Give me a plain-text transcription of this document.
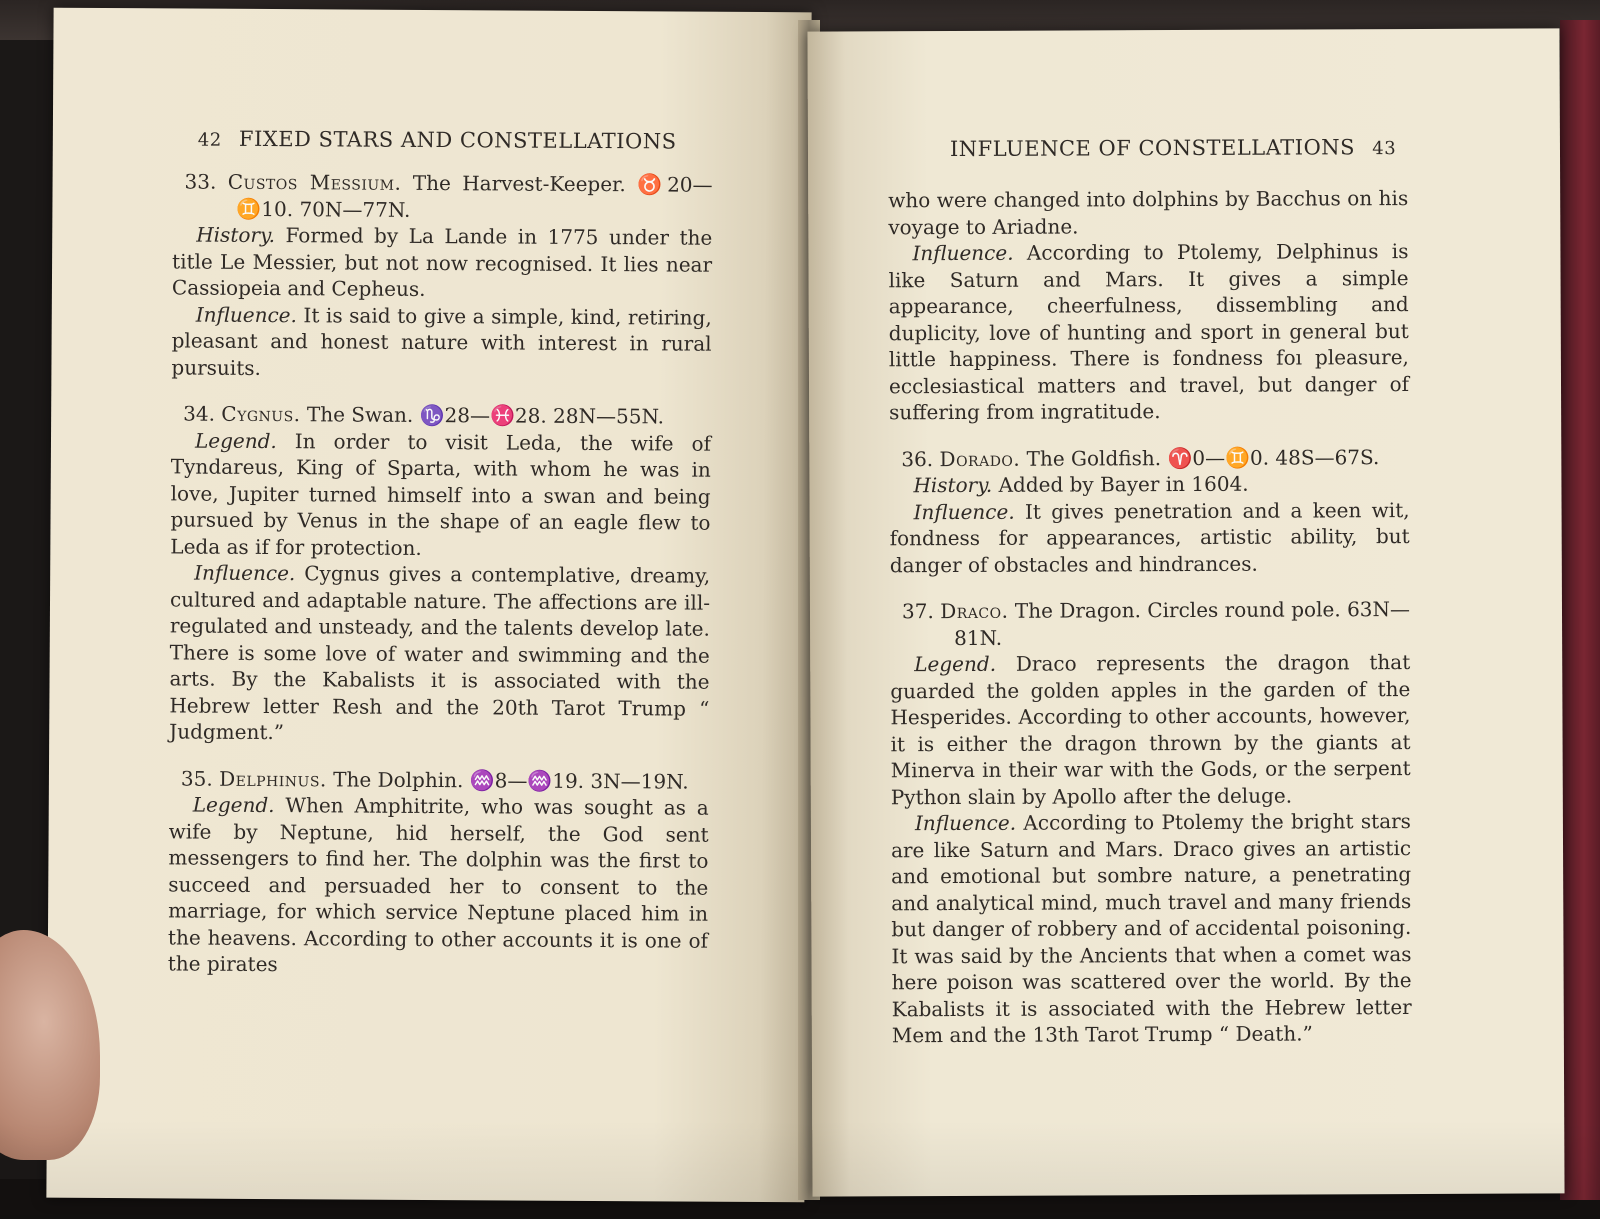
42 FIXED STARS AND CONSTELLATIONS
33. Custos Messium. The Harvest-Keeper. ♉20—♊10. 70N—77N.
History. Formed by La Lande in 1775 under the title Le Messier, but not now recognised. It lies near Cassiopeia and Cepheus.
Influence. It is said to give a simple, kind, retiring, pleasant and honest nature with interest in rural pursuits.
34. Cygnus. The Swan. ♑28—♓28. 28N—55N.
Legend. In order to visit Leda, the wife of Tyndareus, King of Sparta, with whom he was in love, Jupiter turned himself into a swan and being pursued by Venus in the shape of an eagle flew to Leda as if for protection.
Influence. Cygnus gives a contemplative, dreamy, cultured and adaptable nature. The affections are ill-regulated and unsteady, and the talents develop late. There is some love of water and swimming and the arts. By the Kabalists it is associated with the Hebrew letter Resh and the 20th Tarot Trump “ Judgment.”
35. Delphinus. The Dolphin. ♒8—♒19. 3N—19N.
Legend. When Amphitrite, who was sought as a wife by Neptune, hid herself, the God sent messengers to find her. The dolphin was the first to succeed and persuaded her to consent to the marriage, for which service Neptune placed him in the heavens. According to other accounts it is one of the pirates
INFLUENCE OF CONSTELLATIONS 43
who were changed into dolphins by Bacchus on his voyage to Ariadne.
Influence. According to Ptolemy, Delphinus is like Saturn and Mars. It gives a simple appearance, cheerfulness, dissembling and duplicity, love of hunting and sport in general but little happiness. There is fondness foı pleasure, ecclesiastical matters and travel, but danger of suffering from ingratitude.
36. Dorado. The Goldfish. ♈0—♊0. 48S—67S.
History. Added by Bayer in 1604.
Influence. It gives penetration and a keen wit, fondness for appearances, artistic ability, but danger of obstacles and hindrances.
37. Draco. The Dragon. Circles round pole. 63N—81N.
Legend. Draco represents the dragon that guarded the golden apples in the garden of the Hesperides. According to other accounts, however, it is either the dragon thrown by the giants at Minerva in their war with the Gods, or the serpent Python slain by Apollo after the deluge.
Influence. According to Ptolemy the bright stars are like Saturn and Mars. Draco gives an artistic and emotional but sombre nature, a penetrating and analytical mind, much travel and many friends but danger of robbery and of accidental poisoning. It was said by the Ancients that when a comet was here poison was scattered over the world. By the Kabalists it is associated with the Hebrew letter Mem and the 13th Tarot Trump “ Death.”
